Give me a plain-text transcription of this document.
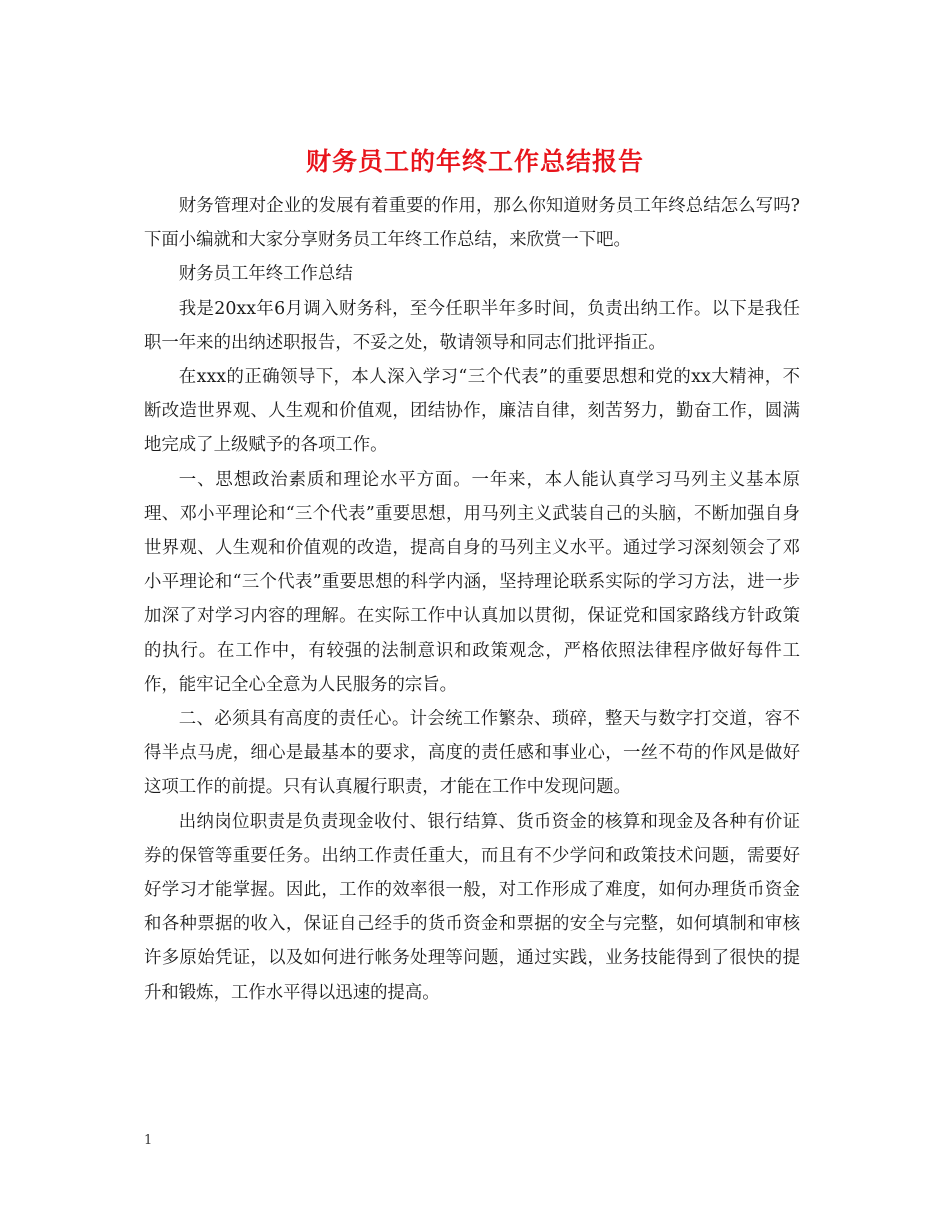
财务员工的年终工作总结报告

财务管理对企业的发展有着重要的作用，那么你知道财务员工年终总结怎么写吗?下面小编就和大家分享财务员工年终工作总结，来欣赏一下吧。

财务员工年终工作总结

我是20xx年6月调入财务科，至今任职半年多时间，负责出纳工作。以下是我任职一年来的出纳述职报告，不妥之处，敬请领导和同志们批评指正。

在xxx的正确领导下，本人深入学习“三个代表”的重要思想和党的xx大精神，不断改造世界观、人生观和价值观，团结协作，廉洁自律，刻苦努力，勤奋工作，圆满地完成了上级赋予的各项工作。

一、思想政治素质和理论水平方面。一年来，本人能认真学习马列主义基本原理、邓小平理论和“三个代表”重要思想，用马列主义武装自己的头脑，不断加强自身世界观、人生观和价值观的改造，提高自身的马列主义水平。通过学习深刻领会了邓小平理论和“三个代表”重要思想的科学内涵，坚持理论联系实际的学习方法，进一步加深了对学习内容的理解。在实际工作中认真加以贯彻，保证党和国家路线方针政策的执行。在工作中，有较强的法制意识和政策观念，严格依照法律程序做好每件工作，能牢记全心全意为人民服务的宗旨。

二、必须具有高度的责任心。计会统工作繁杂、琐碎，整天与数字打交道，容不得半点马虎，细心是最基本的要求，高度的责任感和事业心，一丝不苟的作风是做好这项工作的前提。只有认真履行职责，才能在工作中发现问题。

出纳岗位职责是负责现金收付、银行结算、货币资金的核算和现金及各种有价证券的保管等重要任务。出纳工作责任重大，而且有不少学问和政策技术问题，需要好好学习才能掌握。因此，工作的效率很一般，对工作形成了难度，如何办理货币资金和各种票据的收入，保证自己经手的货币资金和票据的安全与完整，如何填制和审核许多原始凭证，以及如何进行帐务处理等问题，通过实践，业务技能得到了很快的提升和锻炼，工作水平得以迅速的提高。

1
